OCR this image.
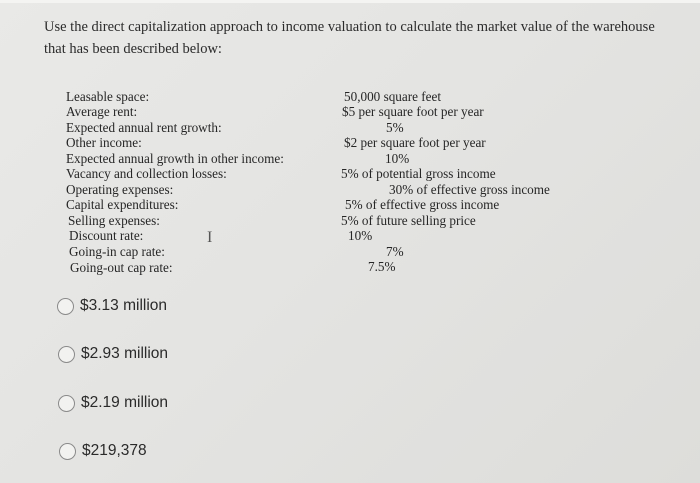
Use the direct capitalization approach to income valuation to calculate the market value of the warehouse
that has been described below:
Leasable space:
Average rent:
Expected annual rent growth:
Other income:
Expected annual growth in other income:
Vacancy and collection losses:
Operating expenses:
Capital expenditures:
Selling expenses:
Discount rate:
Going-in cap rate:
Going-out cap rate:
50,000 square feet
$5 per square foot per year
5%
$2 per square foot per year
10%
5% of potential gross income
30% of effective gross income
5% of effective gross income
5% of future selling price
10%
7%
7.5%
I
$3.13 million
$2.93 million
$2.19 million
$219,378
